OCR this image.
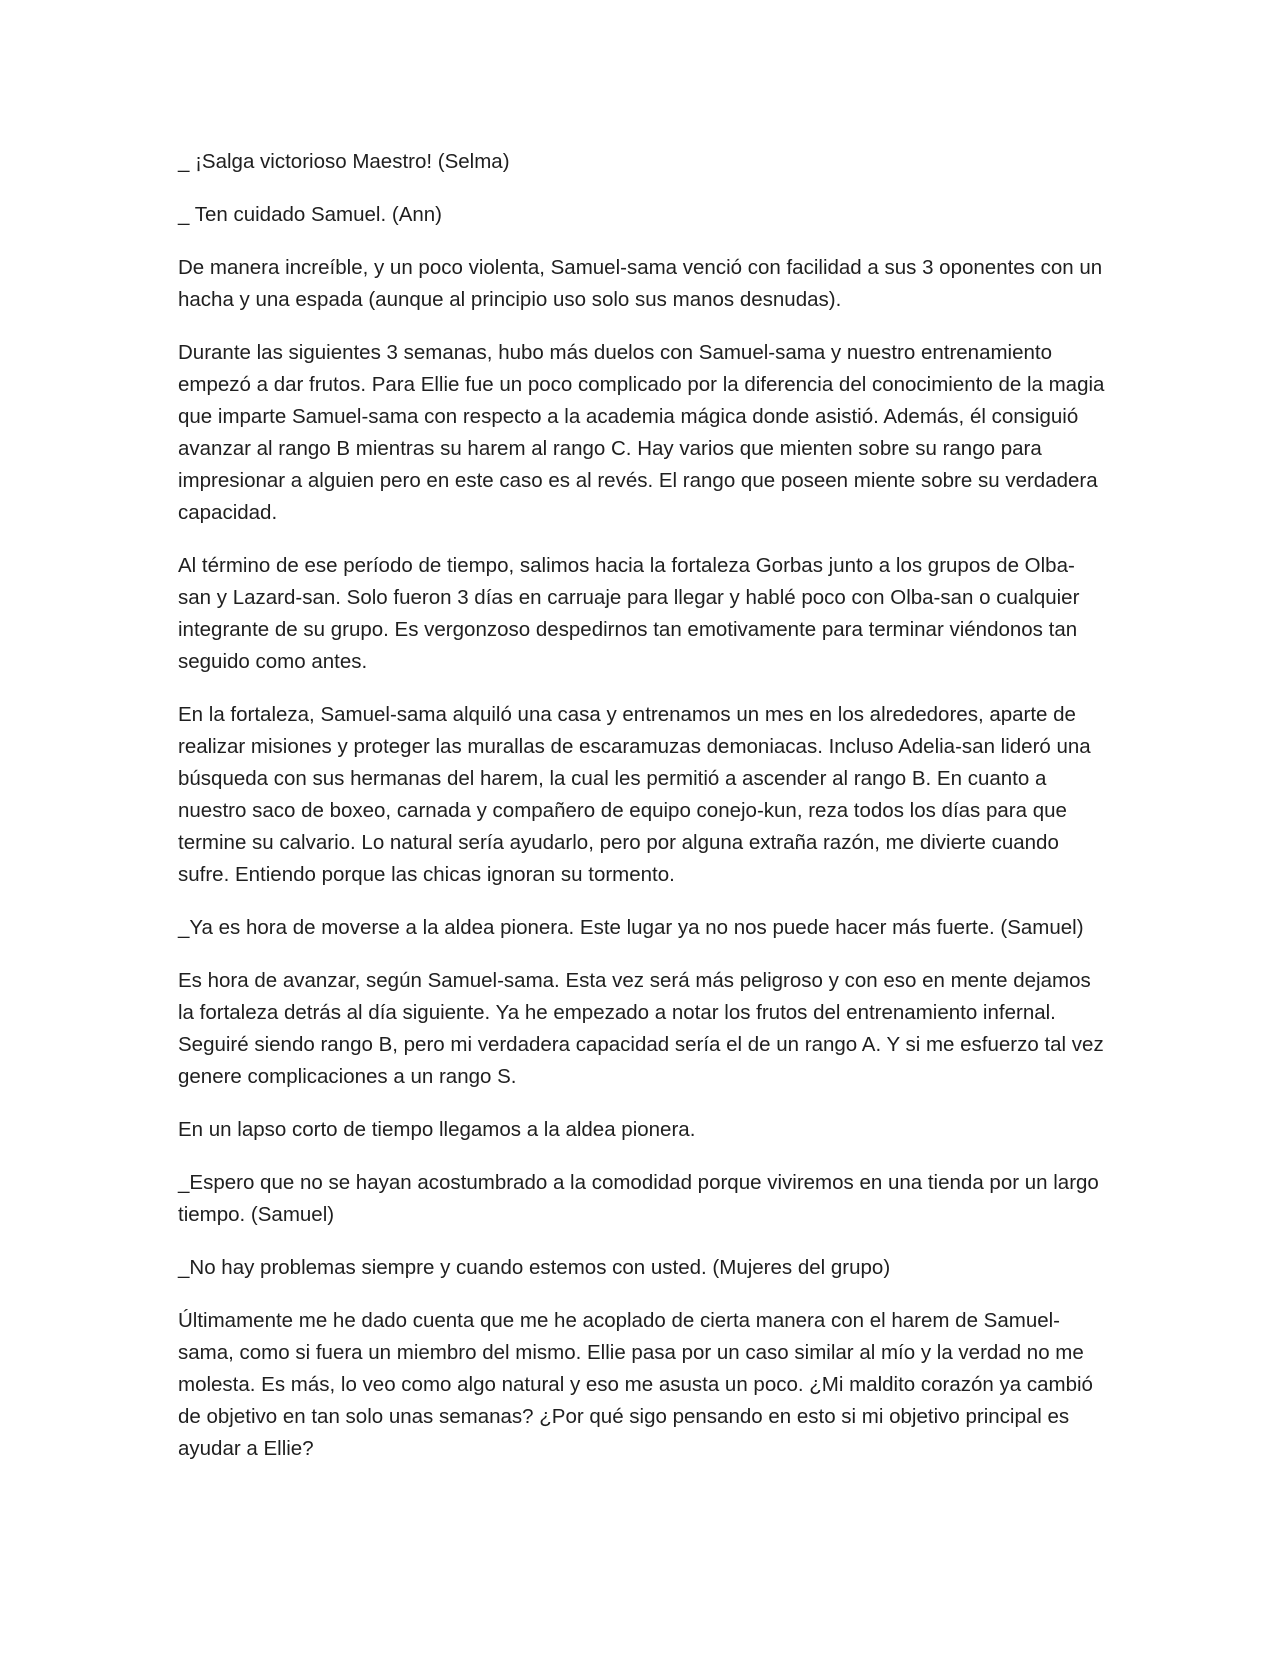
_ ¡Salga victorioso Maestro! (Selma)

_ Ten cuidado Samuel. (Ann)

De manera increíble, y un poco violenta, Samuel-sama venció con facilidad a sus 3 oponentes con un hacha y una espada (aunque al principio uso solo sus manos desnudas).

Durante las siguientes 3 semanas, hubo más duelos con Samuel-sama y nuestro entrenamiento empezó a dar frutos. Para Ellie fue un poco complicado por la diferencia del conocimiento de la magia que imparte Samuel-sama con respecto a la academia mágica donde asistió. Además, él consiguió avanzar al rango B mientras su harem al rango C. Hay varios que mienten sobre su rango para impresionar a alguien pero en este caso es al revés. El rango que poseen miente sobre su verdadera capacidad.

Al término de ese período de tiempo, salimos hacia la fortaleza Gorbas junto a los grupos de Olba-san y Lazard-san. Solo fueron 3 días en carruaje para llegar y hablé poco con Olba-san o cualquier integrante de su grupo. Es vergonzoso despedirnos tan emotivamente para terminar viéndonos tan seguido como antes.

En la fortaleza, Samuel-sama alquiló una casa y entrenamos un mes en los alrededores, aparte de realizar misiones y proteger las murallas de escaramuzas demoniacas. Incluso Adelia-san lideró una búsqueda con sus hermanas del harem, la cual les permitió a ascender al rango B. En cuanto a nuestro saco de boxeo, carnada y compañero de equipo conejo-kun, reza todos los días para que termine su calvario. Lo natural sería ayudarlo, pero por alguna extraña razón, me divierte cuando sufre. Entiendo porque las chicas ignoran su tormento.

_Ya es hora de moverse a la aldea pionera. Este lugar ya no nos puede hacer más fuerte. (Samuel)

Es hora de avanzar, según Samuel-sama. Esta vez será más peligroso y con eso en mente dejamos la fortaleza detrás al día siguiente. Ya he empezado a notar los frutos del entrenamiento infernal. Seguiré siendo rango B, pero mi verdadera capacidad sería el de un rango A. Y si me esfuerzo tal vez genere complicaciones a un rango S.

En un lapso corto de tiempo llegamos a la aldea pionera.

_Espero que no se hayan acostumbrado a la comodidad porque viviremos en una tienda por un largo tiempo. (Samuel)

_No hay problemas siempre y cuando estemos con usted. (Mujeres del grupo)

Últimamente me he dado cuenta que me he acoplado de cierta manera con el harem de Samuel-sama, como si fuera un miembro del mismo. Ellie pasa por un caso similar al mío y la verdad no me molesta. Es más, lo veo como algo natural y eso me asusta un poco. ¿Mi maldito corazón ya cambió de objetivo en tan solo unas semanas? ¿Por qué sigo pensando en esto si mi objetivo principal es ayudar a Ellie?
